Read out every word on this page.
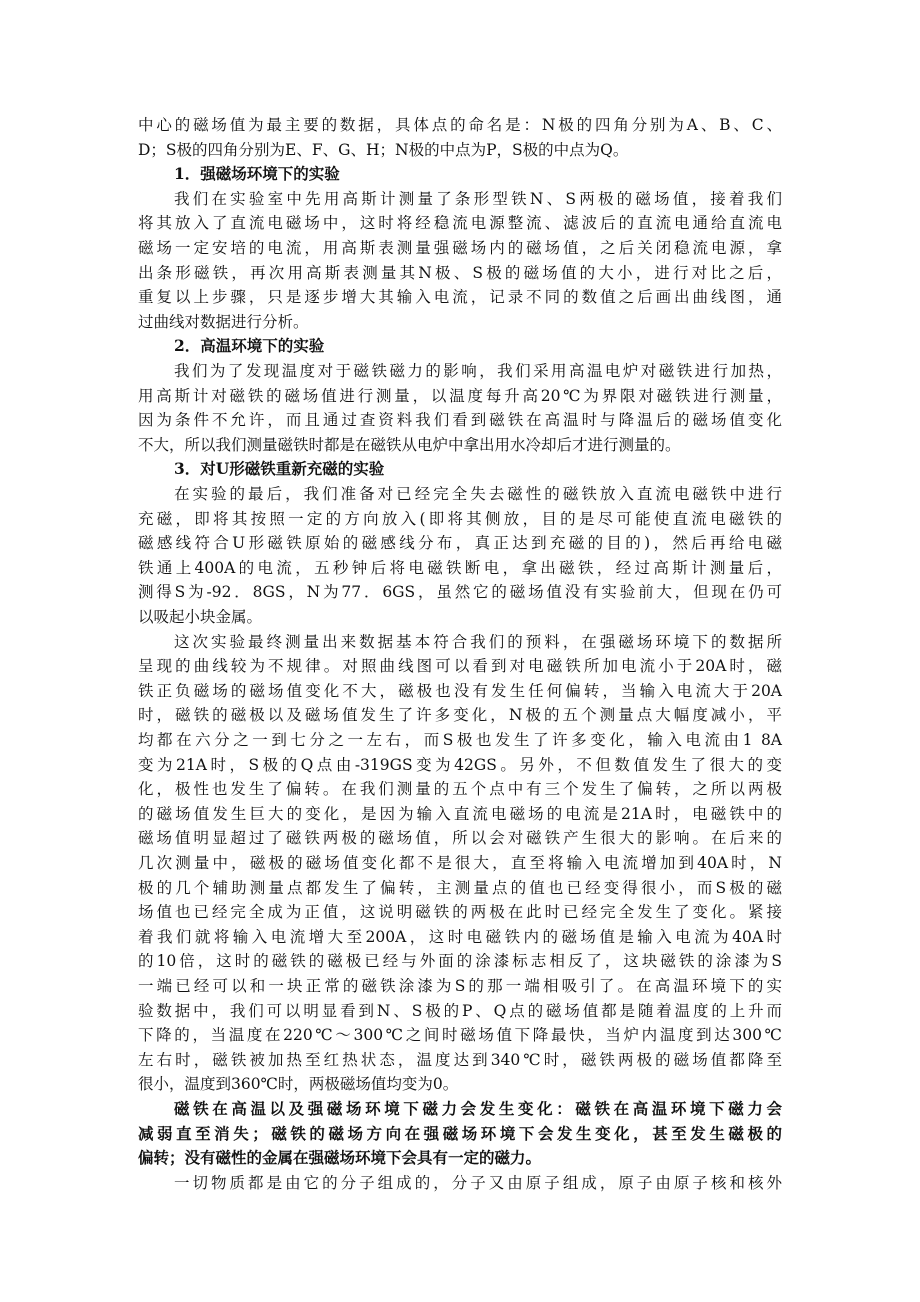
中心的磁场值为最主要的数据，具体点的命名是：N极的四角分别为A、B、C、
D；S极的四角分别为E、F、G、H；N极的中点为P，S极的中点为Q。
1．强磁场环境下的实验
我们在实验室中先用高斯计测量了条形型铁N、S两极的磁场值，接着我们
将其放入了直流电磁场中，这时将经稳流电源整流、滤波后的直流电通给直流电
磁场一定安培的电流，用高斯表测量强磁场内的磁场值，之后关闭稳流电源，拿
出条形磁铁，再次用高斯表测量其N极、S极的磁场值的大小，进行对比之后，
重复以上步骤，只是逐步增大其输入电流，记录不同的数值之后画出曲线图，通
过曲线对数据进行分析。
2．高温环境下的实验
我们为了发现温度对于磁铁磁力的影响，我们采用高温电炉对磁铁进行加热，
用高斯计对磁铁的磁场值进行测量，以温度每升高20℃为界限对磁铁进行测量，
因为条件不允许，而且通过查资料我们看到磁铁在高温时与降温后的磁场值变化
不大，所以我们测量磁铁时都是在磁铁从电炉中拿出用水冷却后才进行测量的。
3．对U形磁铁重新充磁的实验
在实验的最后，我们准备对已经完全失去磁性的磁铁放入直流电磁铁中进行
充磁，即将其按照一定的方向放入(即将其侧放，目的是尽可能使直流电磁铁的
磁感线符合U形磁铁原始的磁感线分布，真正达到充磁的目的)，然后再给电磁
铁通上400A的电流，五秒钟后将电磁铁断电，拿出磁铁，经过高斯计测量后，
测得S为-92．8GS，N为77．6GS，虽然它的磁场值没有实验前大，但现在仍可
以吸起小块金属。
这次实验最终测量出来数据基本符合我们的预料，在强磁场环境下的数据所
呈现的曲线较为不规律。对照曲线图可以看到对电磁铁所加电流小于20A时，磁
铁正负磁场的磁场值变化不大，磁极也没有发生任何偏转，当输入电流大于20A
时，磁铁的磁极以及磁场值发生了许多变化，N极的五个测量点大幅度减小，平
均都在六分之一到七分之一左右，而S极也发生了许多变化，输入电流由1 8A
变为21A时，S极的Q点由-319GS变为42GS。另外，不但数值发生了很大的变
化，极性也发生了偏转。在我们测量的五个点中有三个发生了偏转，之所以两极
的磁场值发生巨大的变化，是因为输入直流电磁场的电流是21A时，电磁铁中的
磁场值明显超过了磁铁两极的磁场值，所以会对磁铁产生很大的影响。在后来的
几次测量中，磁极的磁场值变化都不是很大，直至将输入电流增加到40A时，N
极的几个辅助测量点都发生了偏转，主测量点的值也已经变得很小，而S极的磁
场值也已经完全成为正值，这说明磁铁的两极在此时已经完全发生了变化。紧接
着我们就将输入电流增大至200A，这时电磁铁内的磁场值是输入电流为40A时
的10倍，这时的磁铁的磁极已经与外面的涂漆标志相反了，这块磁铁的涂漆为S
一端已经可以和一块正常的磁铁涂漆为S的那一端相吸引了。在高温环境下的实
验数据中，我们可以明显看到N、S极的P、Q点的磁场值都是随着温度的上升而
下降的，当温度在220℃～300℃之间时磁场值下降最快，当炉内温度到达300℃
左右时，磁铁被加热至红热状态，温度达到340℃时，磁铁两极的磁场值都降至
很小，温度到360℃时，两极磁场值均变为0。
磁铁在高温以及强磁场环境下磁力会发生变化：磁铁在高温环境下磁力会
减弱直至消失；磁铁的磁场方向在强磁场环境下会发生变化，甚至发生磁极的
偏转；没有磁性的金属在强磁场环境下会具有一定的磁力。
一切物质都是由它的分子组成的，分子又由原子组成，原子由原子核和核外
